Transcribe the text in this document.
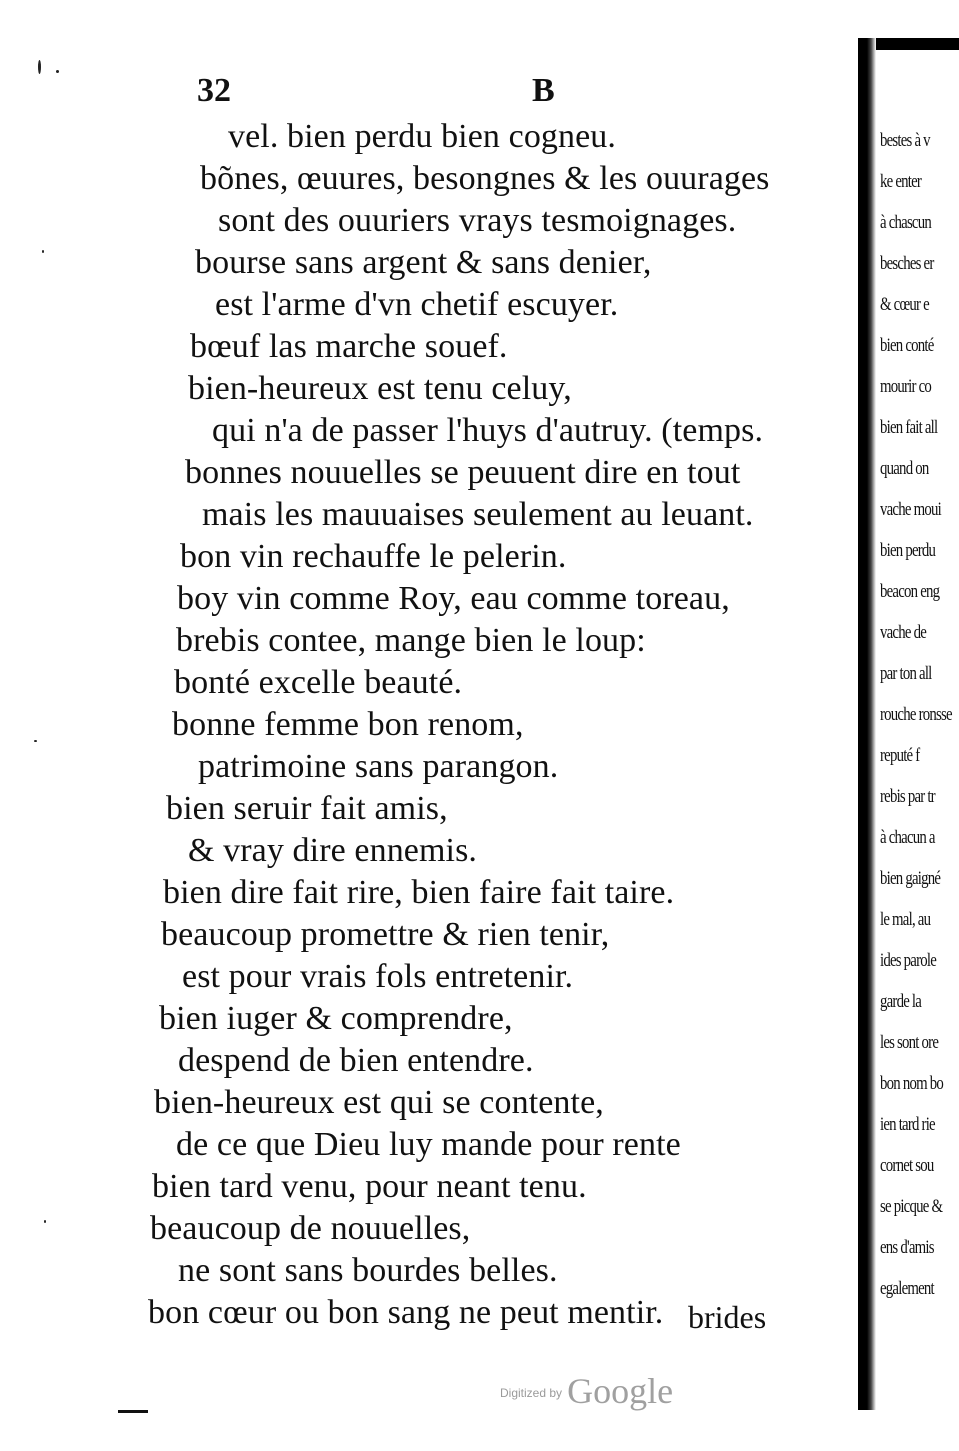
32	B
vel. bien perdu bien cogneu.
bõnes, œuures, besongnes & les ouurages
sont des ouuriers vrays tesmoignages.
bourse sans argent & sans denier,
est l'arme d'vn chetif escuyer.
bœuf las marche souef.
bien-heureux est tenu celuy,
qui n'a de passer l'huys d'autruy. (temps.
bonnes nouuelles se peuuent dire en tout
mais les mauuaises seulement au leuant.
bon vin rechauffe le pelerin.
boy vin comme Roy, eau comme toreau,
brebis contee, mange bien le loup:
bonté excelle beauté.
bonne femme bon renom,
patrimoine sans parangon.
bien seruir fait amis,
& vray dire ennemis.
bien dire fait rire, bien faire fait taire.
beaucoup promettre & rien tenir,
est pour vrais fols entretenir.
bien iuger & comprendre,
despend de bien entendre.
bien-heureux est qui se contente,
de ce que Dieu luy mande pour rente
bien tard venu, pour neant tenu.
beaucoup de nouuelles,
ne sont sans bourdes belles.
bon cœur ou bon sang ne peut mentir. brides
bestes à v
ke enter
à chascun
besches er
& cœur e
bien conté
mourir co
bien fait all
quand on
vache moui
bien perdu
beacon eng
vache de
par ton all
rouche ronsse
reputé f
rebis par tr
à chacun a
bien gaigné
le mal, au
ides parole
garde la
les sont ore
bon nom bo
ien tard rie
cornet sou
se picque &
ens d'amis
egalement
$^{Digitized by}$ Google
